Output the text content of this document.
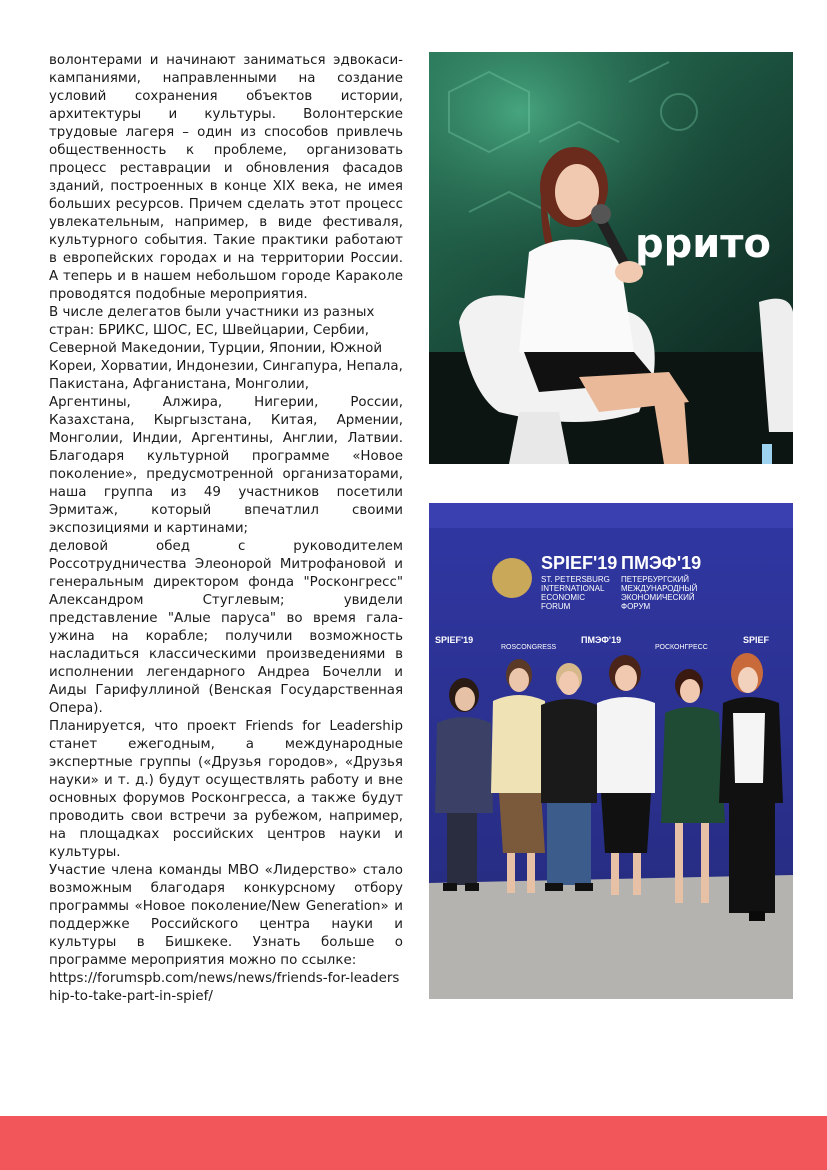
волонтерами и начинают заниматься эдвокаси-кампаниями, направленными на создание условий сохранения объектов истории, архитектуры и культуры. Волонтерские трудовые лагеря – один из способов привлечь общественность к проблеме, организовать процесс реставрации и обновления фасадов зданий, построенных в конце XIX века, не имея больших ресурсов. Причем сделать этот процесс увлекательным, например, в виде фестиваля, культурного события. Такие практики работают в европейских городах и на территории России. А теперь и в нашем небольшом городе Караколе проводятся подобные мероприятия.

В числе делегатов были участники из разных стран: БРИКС, ШОС, ЕС, Швейцарии, Сербии, Северной Македонии, Турции, Японии, Южной Кореи, Хорватии, Индонезии, Сингапура, Непала, Пакистана, Афганистана, Монголии,

Аргентины, Алжира, Нигерии, России, Казахстана, Кыргызстана, Китая, Армении, Монголии, Индии, Аргентины, Англии, Латвии. Благодаря культурной программе «Новое поколение», предусмотренной организаторами, наша группа из 49 участников посетили Эрмитаж, который впечатлил своими экспозициями и картинами;

деловой обед с руководителем Россотрудничества Элеонорой Митрофановой и генеральным директором фонда "Росконгресс" Александром Стуглевым; увидели представление "Алые паруса" во время гала-ужина на корабле; получили возможность насладиться классическими произведениями в исполнении легендарного Андреа Бочелли и Аиды Гарифуллиной (Венская Государственная Опера).

Планируется, что проект Friends for Leadership станет ежегодным, а международные экспертные группы («Друзья городов», «Друзья науки» и т. д.) будут осуществлять работу и вне основных форумов Росконгресса, а также будут проводить свои встречи за рубежом, например, на площадках российских центров науки и культуры.

Участие члена команды МВО «Лидерство» стало возможным благодаря конкурсному отбору программы «Новое поколение/New Generation» и поддержке Российского центра науки и культуры в Бишкеке. Узнать больше о программе мероприятия можно по ссылке:

https://forumspb.com/news/news/friends-for-leadership-to-take-part-in-spief/

рритo
SPIEF'19
ST. PETERSBURG
INTERNATIONAL
ECONOMIC
FORUM
ПМЭФ'19
ПЕТЕРБУРГСКИЙ
МЕЖДУНАРОДНЫЙ
ЭКОНОМИЧЕСКИЙ
ФОРУМ
SPIEF'19
ROSCONGRESS
ПМЭФ'19
РОСКОНГРЕСС
SPIEF
